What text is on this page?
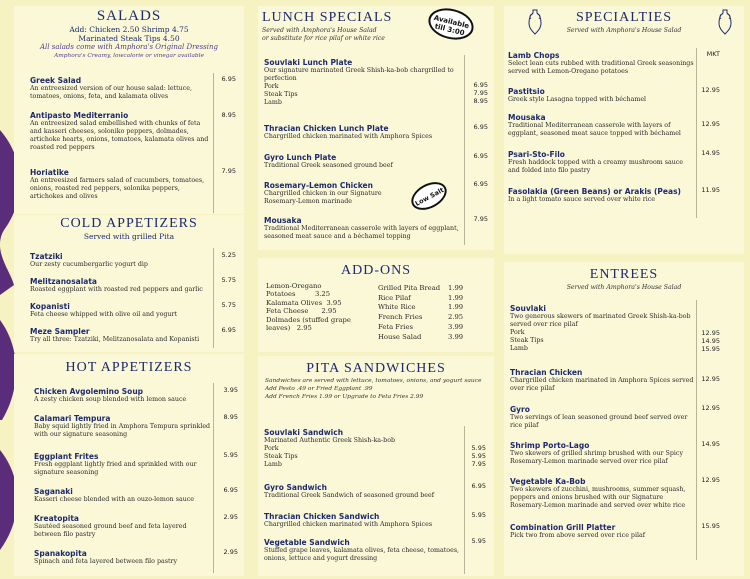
SALADS
Add: Chicken 2.50 Shrimp 4.75
Marinated Steak Tips 4.50
All salads come with Amphora's Original Dressing
Amphora's Creamy, lowcalorie or vinegar available
Greek Salad
An entreesized version of our house salad: lettuce, tomatoes, onions, feta, and kalamata olives
6.95
Antipasto Mediterranio
An entreesized salad embellished with chunks of feta and kasseri cheeses, soloniko peppers, dolmades, artichoke hearts, onions, tomatoes, kalamata olives and roasted red peppers
8.95
Horiatike
An entreesized farmers salad of cucumbers, tomatoes, onions, roasted red peppers, solonika peppers, artichokes and olives
7.95
COLD APPETIZERS
Served with grilled Pita
Tzatziki
Our zesty cucumbergarlic yogurt dip
5.25
Melitzanosalata
Roasted eggplant with roasted red peppers and garlic
5.75
Kopanisti
Feta cheese whipped with olive oil and yogurt
5.75
Meze Sampler
Try all three: Tzatziki, Melitzanosalata and Kopanisti
6.95
HOT APPETIZERS
Chicken Avgolemino Soup
A zesty chicken soup blended with lemon sauce
3.95
Calamari Tempura
Baby squid lightly fried in Amphora Tempura sprinkled with our signature seasoning
8.95
Eggplant Frites
Fresh eggplant lightly fried and sprinkled with our signature seasoning
5.95
Saganaki
Kasseri cheese blended with an ouzo-lemon sauce
6.95
Kreatopita
Sautéed seasoned ground beef and feta layered between filo pastry
2.95
Spanakopita
Spinach and feta layered between filo pastry
2.95
LUNCH SPECIALS
Served with Amphora's House Salad
or substitute for rice pilaf or white rice
Available till 3:00
Souvlaki Lunch Plate
Our signature marinated Greek Shish-ka-bob chargrilled to perfection
Pork
Steak Tips
Lamb
6.95
7.95
8.95
Thracian Chicken Lunch Plate
Chargrilled chicken marinated with Amphora Spices
6.95
Gyro Lunch Plate
Traditional Greek seasoned ground beef
6.95
Rosemary-Lemon Chicken
Chargrilled chicken in our Signature Rosemary-Lemon marinade
6.95
Low Salt
Mousaka
Traditional Mediterranean casserole with layers of eggplant, seasoned meat sauce and a béchamel topping
7.95
ADD-ONS
Lemon-Oregano
Potatoes         3.25
Kalamata Olives  3.95
Feta Cheese      2.95
Dolmades (stuffed grape
leaves)   2.95
Grilled Pita Bread
Rice Pilaf
White Rice
French Fries
Feta Fries
House Salad
1.99
1.99
1.99
2.95
3.99
3.99
PITA SANDWICHES
Sandwiches are served with lettuce, tomatoes, onions, and yogurt sauce
Add Pesto .49 or Fried Eggplant .99
Add French Fries 1.99 or Upgrade to Feta Fries 2.99
Souvlaki Sandwich
Marinated Authentic Greek Shish-ka-bob
Pork
Steak Tips
Lamb
5.95
5.95
7.95
Gyro Sandwich
Traditional Greek Sandwich of seasoned ground beef
6.95
Thracian Chicken Sandwich
Chargrilled chicken marinated with Amphora Spices
5.95
Vegetable Sandwich
Stuffed grape leaves, kalamata olives, feta cheese, tomatoes, onions, lettuce and yogurt dressing
5.95
SPECIALTIES
Served with Amphora's House Salad
Lamb Chops
Select lean cuts rubbed with traditional Greek seasonings served with Lemon-Oregano potatoes
MKT
Pastitsio
Greek style Lasagna topped with béchamel
12.95
Mousaka
Traditional Mediterranean casserole with layers of eggplant, seasoned meat sauce topped with béchamel
12.95
Psari-Sto-Filo
Fresh haddock topped with a creamy mushroom sauce and folded into filo pastry
14.95
Fasolakia (Green Beans) or Arakis (Peas)
In a light tomato sauce served over white rice
11.95
ENTREES
Served with Amphora's House Salad
Souvlaki
Two generous skewers of marinated Greek Shish-ka-bob served over rice pilaf
Pork
Steak Tips
Lamb
12.95
14.95
15.95
Thracian Chicken
Chargrilled chicken marinated in Amphora Spices served over rice pilaf
12.95
Gyro
Two servings of lean seasoned ground beef served over rice pilaf
12.95
Shrimp Porto-Lago
Two skewers of grilled shrimp brushed with our Spicy Rosemary-Lemon marinade served over rice pilaf
14.95
Vegetable Ka-Bob
Two skewers of zucchini, mushrooms, summer squash, peppers and onions brushed with our Signature Rosemary-Lemon marinade and served over white rice
12.95
Combination Grill Platter
Pick two from above served over rice pilaf
15.95
